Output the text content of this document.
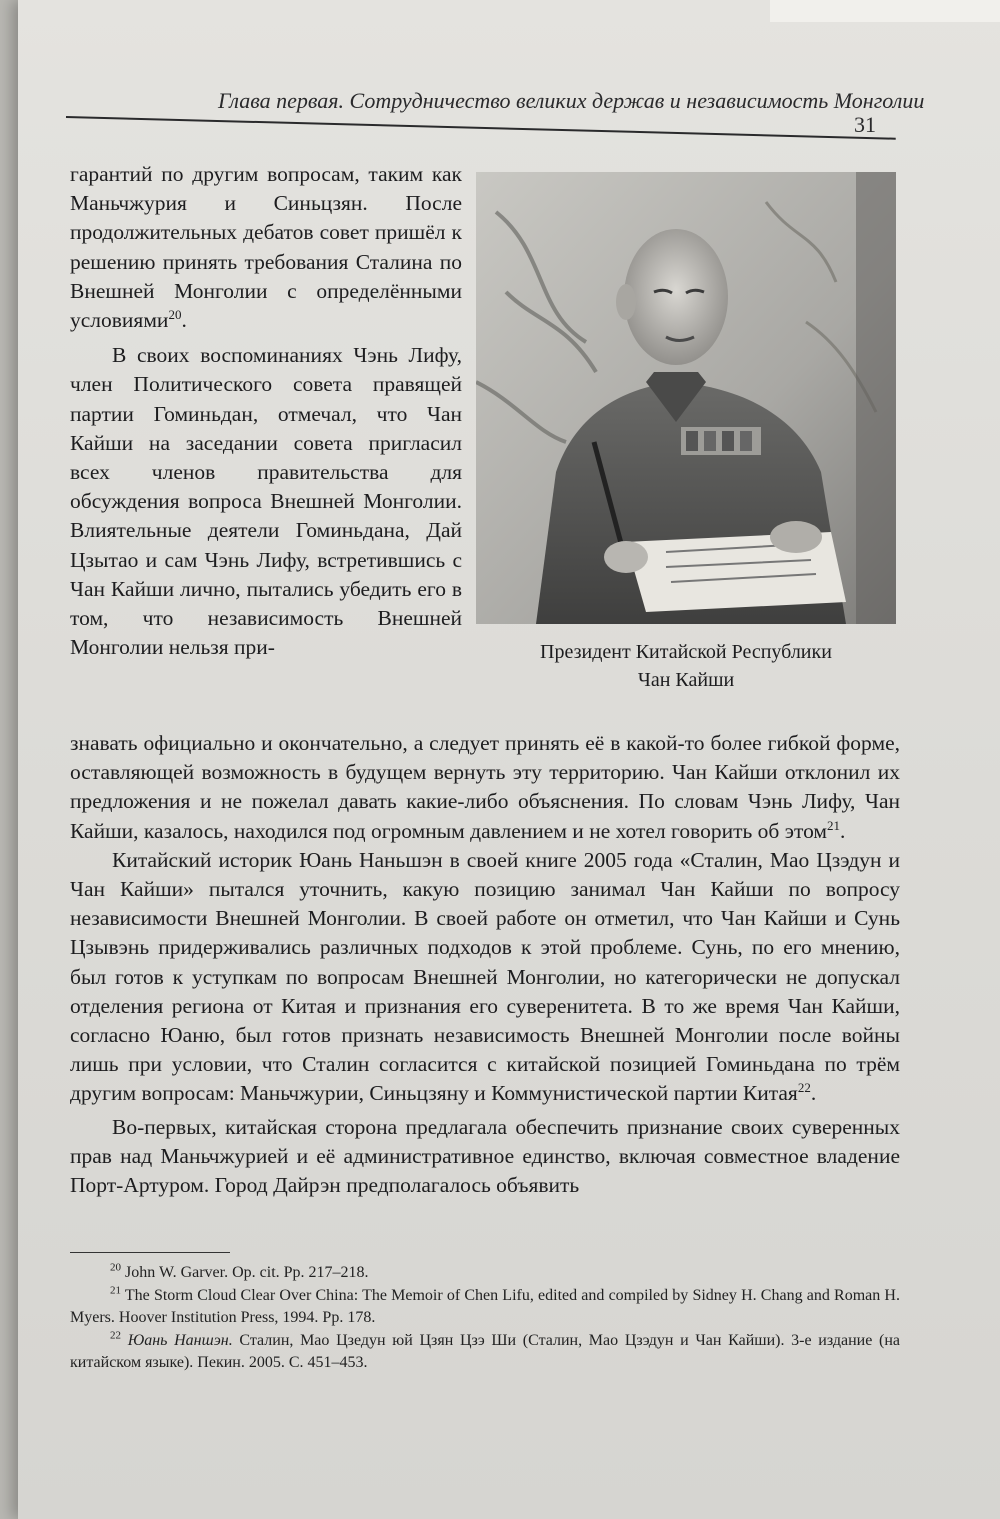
Глава первая. Сотрудничество великих держав и независимость Монголии
31
Президент Китайской Республики
Чан Кайши

гарантий по другим вопросам, таким как Маньчжурия и Синьцзян. После продолжительных дебатов совет пришёл к решению принять требования Сталина по Внешней Монголии с определёнными условиями$^{20}$.

В своих воспоминаниях Чэнь Лифу, член Политического совета правящей партии Гоминьдан, отмечал, что Чан Кайши на заседании совета пригласил всех членов правительства для обсуждения вопроса Внешней Монголии. Влиятельные деятели Гоминьдана, Дай Цзытао и сам Чэнь Лифу, встретившись с Чан Кайши лично, пытались убедить его в том, что независимость Внешней Монголии нельзя при-

знавать официально и окончательно, а следует принять её в какой-то более гибкой форме, оставляющей возможность в будущем вернуть эту территорию. Чан Кайши отклонил их предложения и не пожелал давать какие-либо объяснения. По словам Чэнь Лифу, Чан Кайши, казалось, находился под огромным давлением и не хотел говорить об этом$^{21}$.

Китайский историк Юань Наньшэн в своей книге 2005 года «Сталин, Мао Цзэдун и Чан Кайши» пытался уточнить, какую позицию занимал Чан Кайши по вопросу независимости Внешней Монголии. В своей работе он отметил, что Чан Кайши и Сунь Цзывэнь придерживались различных подходов к этой проблеме. Сунь, по его мнению, был готов к уступкам по вопросам Внешней Монголии, но категорически не допускал отделения региона от Китая и признания его суверенитета. В то же время Чан Кайши, согласно Юаню, был готов признать независимость Внешней Монголии после войны лишь при условии, что Сталин согласится с китайской позицией Гоминьдана по трём другим вопросам: Маньчжурии, Синьцзяну и Коммунистической партии Китая$^{22}$.

Во-первых, китайская сторона предлагала обеспечить признание своих суверенных прав над Маньчжурией и её административное единство, включая совместное владение Порт-Артуром. Город Дайрэн предполагалось объявить

$^{20}$ John W. Garver. Op. cit. Pp. 217–218.

$^{21}$ The Storm Cloud Clear Over China: The Memoir of Chen Lifu, edited and compiled by Sidney H. Chang and Roman H. Myers. Hoover Institution Press, 1994. Pp. 178.

$^{22}$ Юань Наншэн. Сталин, Мао Цзедун юй Цзян Цзэ Ши (Сталин, Мао Цзэдун и Чан Кайши). 3-е издание (на китайском языке). Пекин. 2005. С. 451–453.
